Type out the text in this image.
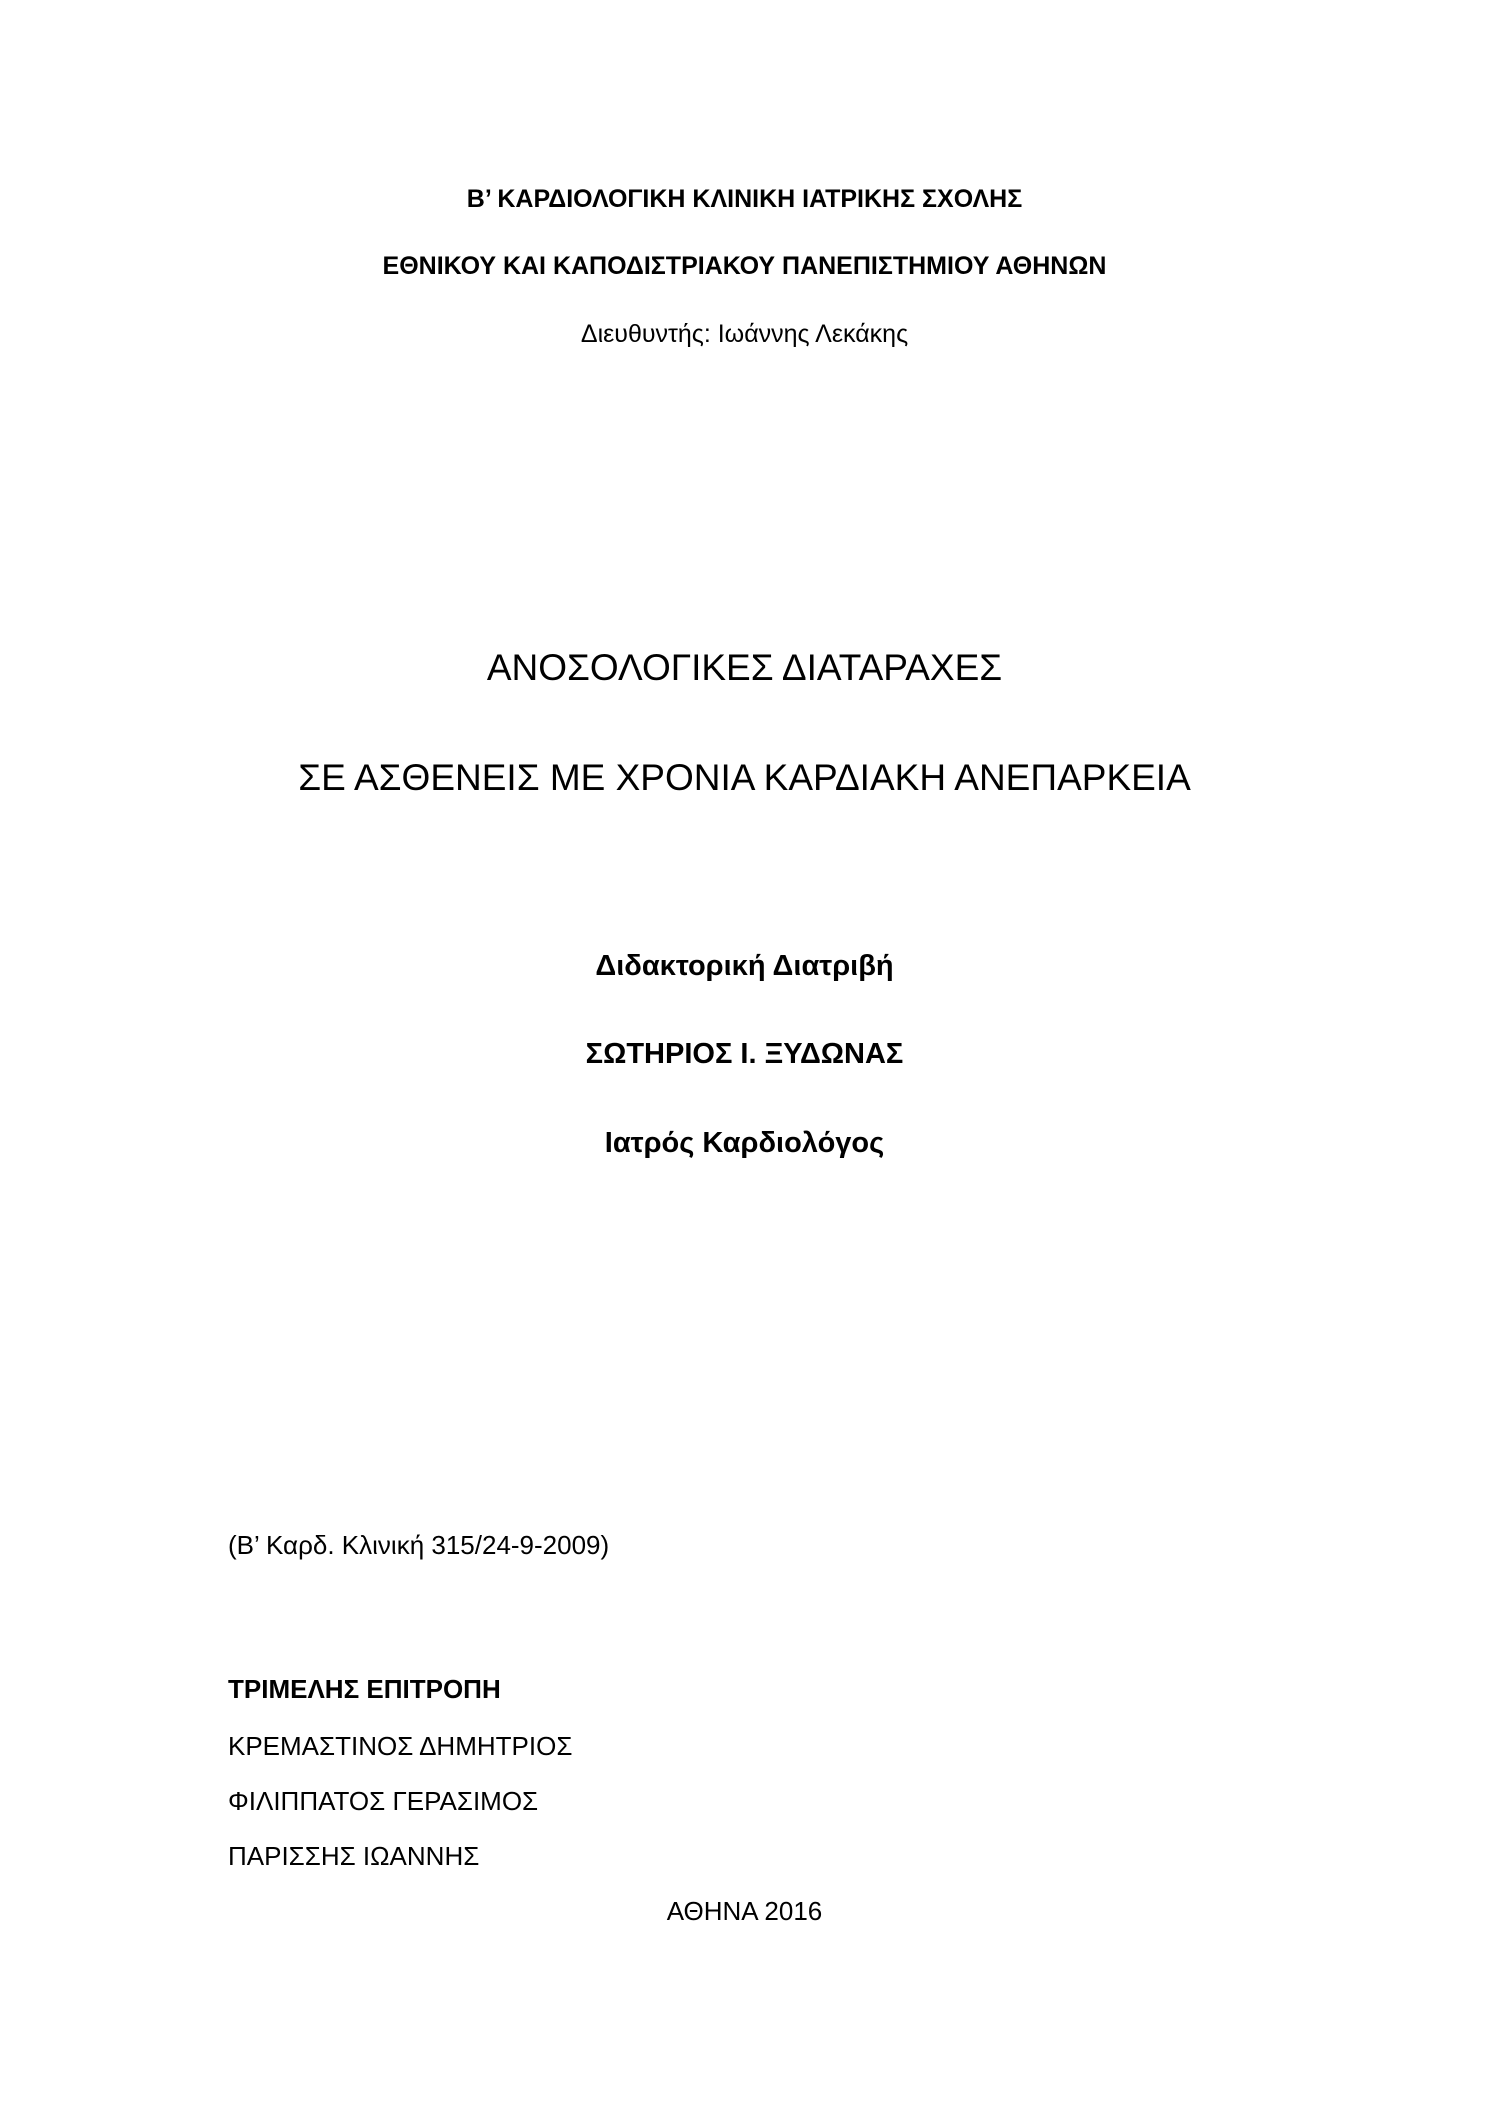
Β’ ΚΑΡΔΙΟΛΟΓΙΚΗ ΚΛΙΝΙΚΗ ΙΑΤΡΙΚΗΣ ΣΧΟΛΗΣ
ΕΘΝΙΚΟΥ ΚΑΙ ΚΑΠΟΔΙΣΤΡΙΑΚΟΥ ΠΑΝΕΠΙΣΤΗΜΙΟΥ ΑΘΗΝΩΝ
Διευθυντής: Ιωάννης Λεκάκης
ΑΝΟΣΟΛΟΓΙΚΕΣ ΔΙΑΤΑΡΑΧΕΣ
ΣΕ ΑΣΘΕΝΕΙΣ ΜΕ ΧΡΟΝΙΑ ΚΑΡΔΙΑΚΗ ΑΝΕΠΑΡΚΕΙΑ
Διδακτορική Διατριβή
ΣΩΤΗΡΙΟΣ Ι. ΞΥΔΩΝΑΣ
Ιατρός Καρδιολόγος
(Β’ Καρδ. Κλινική 315/24-9-2009)
ΤΡΙΜΕΛΗΣ ΕΠΙΤΡΟΠΗ
ΚΡΕΜΑΣΤΙΝΟΣ ΔΗΜΗΤΡΙΟΣ
ΦΙΛΙΠΠΑΤΟΣ ΓΕΡΑΣΙΜΟΣ
ΠΑΡΙΣΣΗΣ ΙΩΑΝΝΗΣ
ΑΘΗΝΑ 2016
